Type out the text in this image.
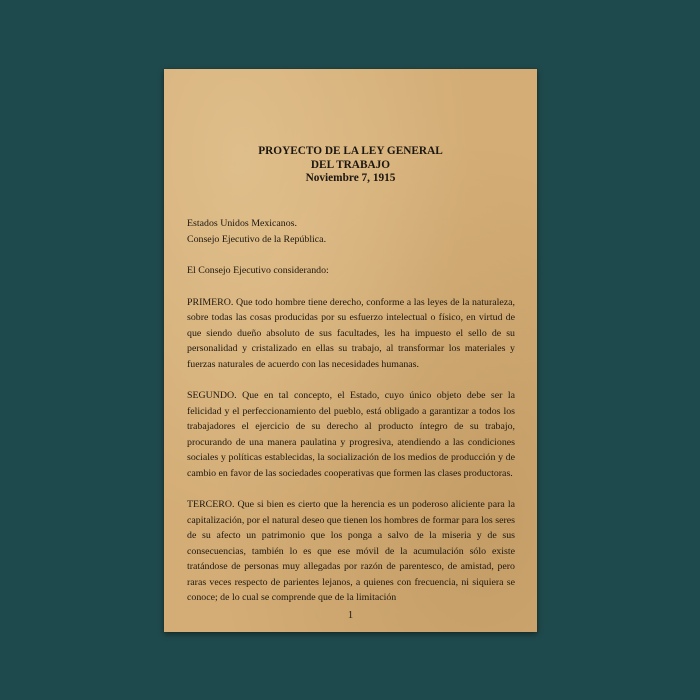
PROYECTO DE LA LEY GENERAL
DEL TRABAJO
Noviembre 7, 1915
Estados Unidos Mexicanos.
Consejo Ejecutivo de la República.

El Consejo Ejecutivo considerando:

PRIMERO. Que todo hombre tiene derecho, conforme a las leyes de la naturaleza, sobre todas las cosas producidas por su esfuerzo intelectual o físico, en virtud de que siendo dueño absoluto de sus facultades, les ha impuesto el sello de su personalidad y cristalizado en ellas su trabajo, al transformar los materiales y fuerzas naturales de acuerdo con las necesidades humanas.

SEGUNDO. Que en tal concepto, el Estado, cuyo único objeto debe ser la felicidad y el perfeccionamiento del pueblo, está obligado a garantizar a todos los trabajadores el ejercicio de su derecho al producto íntegro de su trabajo, procurando de una manera paulatina y progresiva, atendiendo a las condiciones sociales y políticas establecidas, la socialización de los medios de producción y de cambio en favor de las sociedades cooperativas que formen las clases productoras.

TERCERO. Que si bien es cierto que la herencia es un poderoso aliciente para la capitalización, por el natural deseo que tienen los hombres de formar para los seres de su afecto un patrimonio que los ponga a salvo de la miseria y de sus consecuencias, también lo es que ese móvil de la acumulación sólo existe tratándose de personas muy allegadas por razón de parentesco, de amistad, pero raras veces respecto de parientes lejanos, a quienes con frecuencia, ni siquiera se conoce; de lo cual se comprende que de la limitación

1
